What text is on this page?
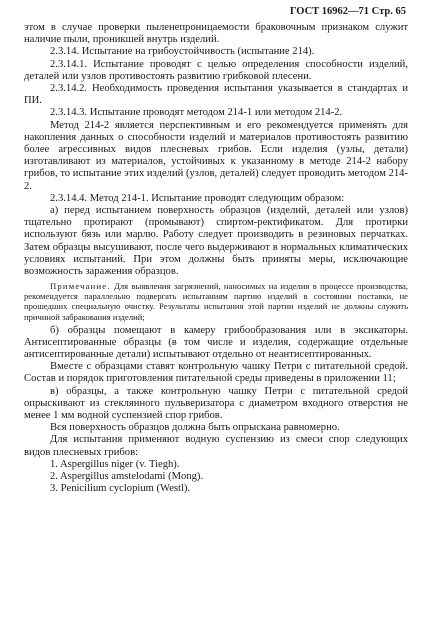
ГОСТ 16962—71 Стр. 65

этом в случае проверки пыленепроницаемости браковочным признаком служит наличие пыли, проникшей внутрь изделий.

2.3.14. Испытание на грибоустойчивость (испытание 214).

2.3.14.1. Испытание проводят с целью определения способности изделий, деталей или узлов противостоять развитию грибковой плесени.

2.3.14.2. Необходимость проведения испытания указывается в стандартах и ПИ.

2.3.14.3. Испытание проводят методом 214-1 или методом 214-2.

Метод 214-2 является перспективным и его рекомендуется применять для накопления данных о способности изделий и материалов противостоять развитию более агрессивных видов плесневых грибов. Если изделия (узлы, детали) изготавливают из материалов, устойчивых к указанному в методе 214-2 набору грибов, то испытание этих изделий (узлов, деталей) следует проводить методом 214-2.

2.3.14.4. Метод 214-1. Испытание проводят следующим образом:

а) перед испытанием поверхность образцов (изделий, деталей или узлов) тщательно протирают (промывают) спиртом-ректификатом. Для протирки используют бязь или марлю. Работу следует производить в резиновых перчатках. Затем образцы высушивают, после чего выдерживают в нормальных климатических условиях испытаний. При этом должны быть приняты меры, исключающие возможность заражения образцов.

Примечание. Для выявления загрязнений, наносимых на изделия в процессе производства, рекомендуется параллельно подвергать испытаниям партию изделий в состоянии поставки, не прошедших специальную очистку. Результаты испытания этой партии изделий не должны служить причиной забракования изделий;

б) образцы помещают в камеру грибообразования или в эксикаторы. Антисептированные образцы (в том числе и изделия, содержащие отдельные антисептированные детали) испытывают отдельно от неантисептированных.

Вместе с образцами ставят контрольную чашку Петри с питательной средой. Состав и порядок приготовления питательной среды приведены в приложении 11;

в) образцы, а также контрольную чашку Петри с питательной средой опрыскивают из стеклянного пульверизатора с диаметром входного отверстия не менее 1 мм водной суспензией спор грибов.

Вся поверхность образцов должна быть опрыскана равномерно.

Для испытания применяют водную суспензию из смеси спор следующих видов плесневых грибов:

1. Aspergillus niger (v. Tiegh).

2. Aspergillus amstelodami (Mong).

3. Penicilium cyclopium (Westl).
